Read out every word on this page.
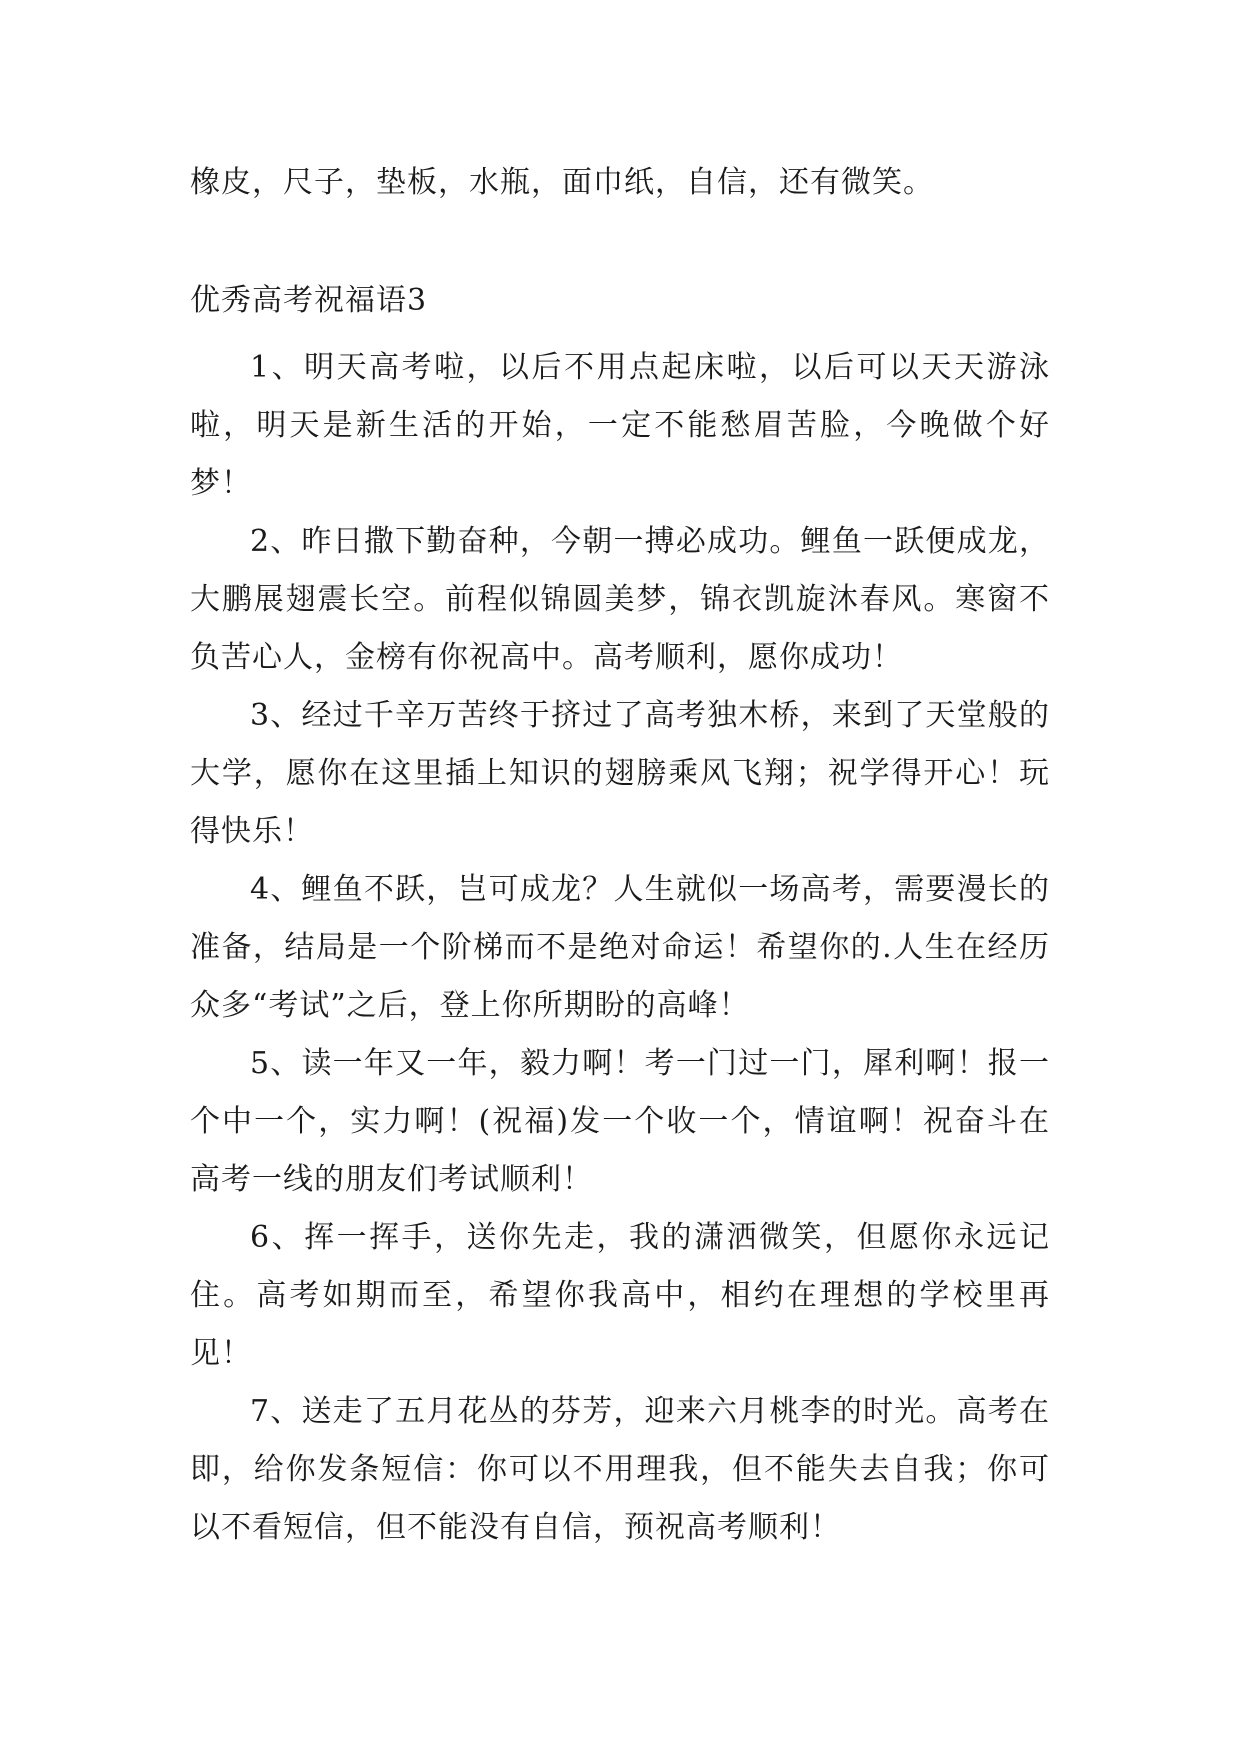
橡皮，尺子，垫板，水瓶，面巾纸，自信，还有微笑。
优秀高考祝福语3

1、明天高考啦，以后不用点起床啦，以后可以天天游泳啦，明天是新生活的开始，一定不能愁眉苦脸，今晚做个好梦！

2、昨日撒下勤奋种，今朝一搏必成功。鲤鱼一跃便成龙，大鹏展翅震长空。前程似锦圆美梦，锦衣凯旋沐春风。寒窗不负苦心人，金榜有你祝高中。高考顺利，愿你成功！

3、经过千辛万苦终于挤过了高考独木桥，来到了天堂般的大学，愿你在这里插上知识的翅膀乘风飞翔；祝学得开心！玩得快乐！

4、鲤鱼不跃，岂可成龙？人生就似一场高考，需要漫长的准备，结局是一个阶梯而不是绝对命运！希望你的.人生在经历众多“考试”之后，登上你所期盼的高峰！

5、读一年又一年，毅力啊！考一门过一门，犀利啊！报一个中一个，实力啊！(祝福)发一个收一个，情谊啊！祝奋斗在高考一线的朋友们考试顺利！

6、挥一挥手，送你先走，我的潇洒微笑，但愿你永远记住。高考如期而至，希望你我高中，相约在理想的学校里再见！

7、送走了五月花丛的芬芳，迎来六月桃李的时光。高考在即，给你发条短信：你可以不用理我，但不能失去自我；你可以不看短信，但不能没有自信，预祝高考顺利！
